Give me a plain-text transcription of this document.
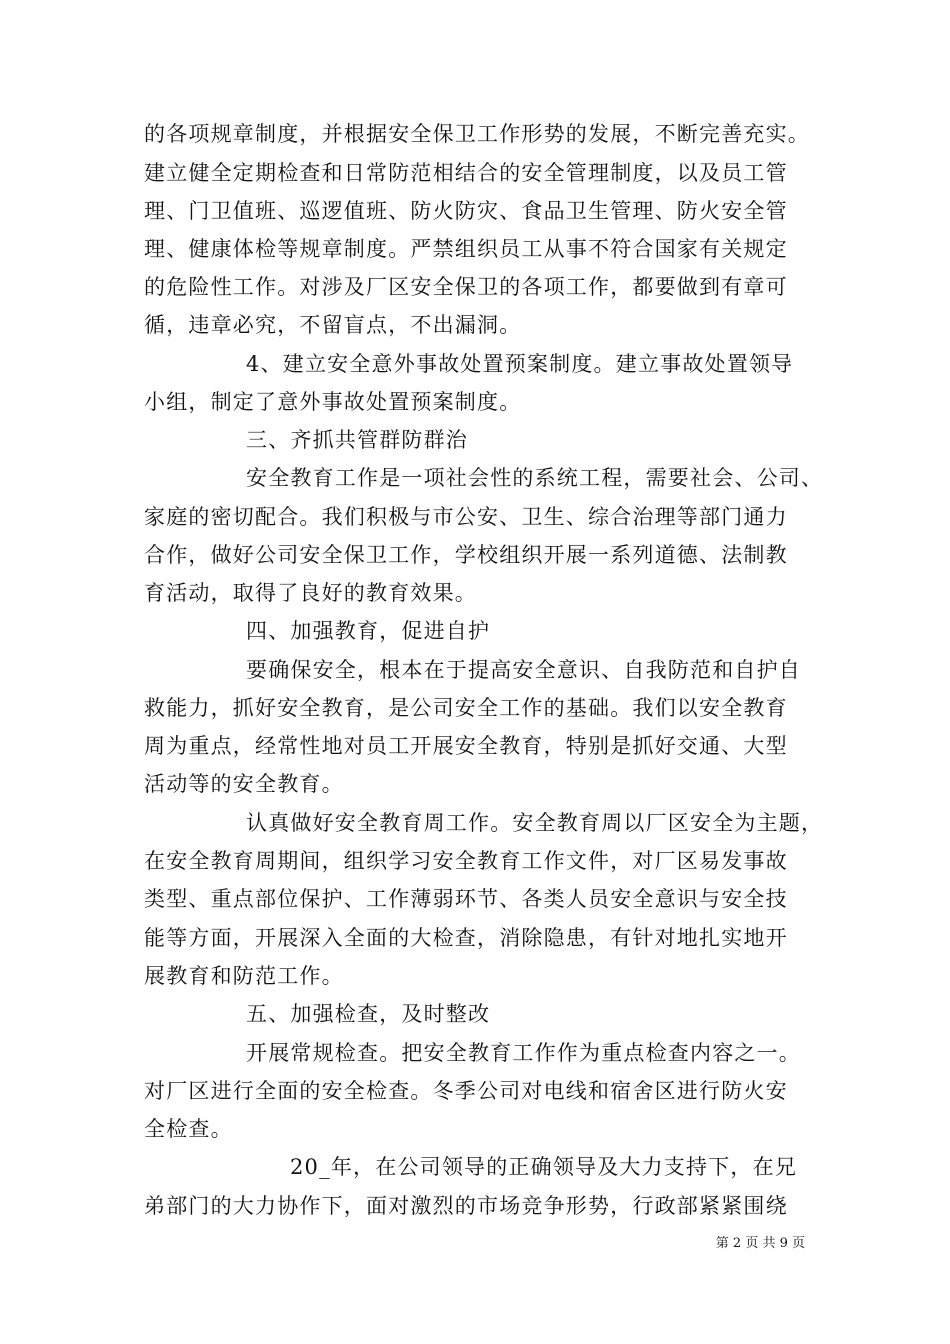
的各项规章制度，并根据安全保卫工作形势的发展，不断完善充实。
建立健全定期检查和日常防范相结合的安全管理制度，以及员工管
理、门卫值班、巡逻值班、防火防灾、食品卫生管理、防火安全管
理、健康体检等规章制度。严禁组织员工从事不符合国家有关规定
的危险性工作。对涉及厂区安全保卫的各项工作，都要做到有章可
循，违章必究，不留盲点，不出漏洞。
4、建立安全意外事故处置预案制度。建立事故处置领导
小组，制定了意外事故处置预案制度。
三、齐抓共管群防群治
安全教育工作是一项社会性的系统工程，需要社会、公司、
家庭的密切配合。我们积极与市公安、卫生、综合治理等部门通力
合作，做好公司安全保卫工作，学校组织开展一系列道德、法制教
育活动，取得了良好的教育效果。
四、加强教育，促进自护
要确保安全，根本在于提高安全意识、自我防范和自护自
救能力，抓好安全教育，是公司安全工作的基础。我们以安全教育
周为重点，经常性地对员工开展安全教育，特别是抓好交通、大型
活动等的安全教育。
认真做好安全教育周工作。安全教育周以厂区安全为主题，
在安全教育周期间，组织学习安全教育工作文件，对厂区易发事故
类型、重点部位保护、工作薄弱环节、各类人员安全意识与安全技
能等方面，开展深入全面的大检查，消除隐患，有针对地扎实地开
展教育和防范工作。
五、加强检查，及时整改
开展常规检查。把安全教育工作作为重点检查内容之一。
对厂区进行全面的安全检查。冬季公司对电线和宿舍区进行防火安
全检查。
20_年，在公司领导的正确领导及大力支持下，在兄
弟部门的大力协作下，面对激烈的市场竞争形势，行政部紧紧围绕
第 2 页 共 9 页
